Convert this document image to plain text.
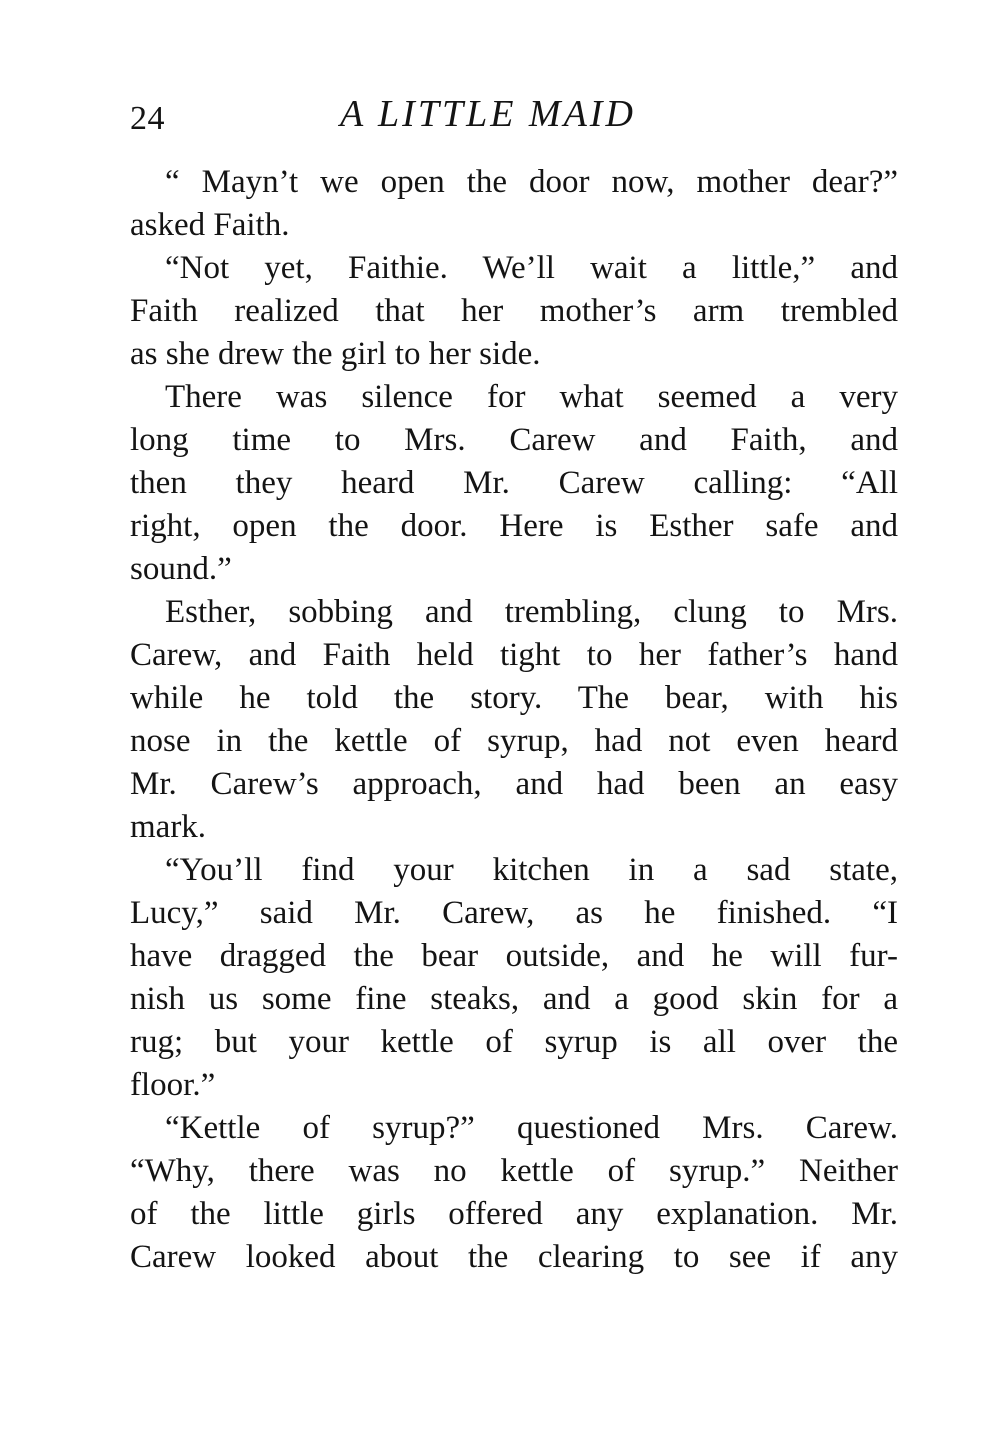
24	A LITTLE MAID
“ Mayn’t we open the door now, mother dear?”
asked Faith.
“Not yet, Faithie. We’ll wait a little,” and
Faith realized that her mother’s arm trembled
as she drew the girl to her side.
There was silence for what seemed a very
long time to Mrs. Carew and Faith, and
then they heard Mr. Carew calling: “All
right, open the door. Here is Esther safe and
sound.”
Esther, sobbing and trembling, clung to Mrs.
Carew, and Faith held tight to her father’s hand
while he told the story. The bear, with his
nose in the kettle of syrup, had not even heard
Mr. Carew’s approach, and had been an easy
mark.
“You’ll find your kitchen in a sad state,
Lucy,” said Mr. Carew, as he finished. “I
have dragged the bear outside, and he will fur-
nish us some fine steaks, and a good skin for a
rug; but your kettle of syrup is all over the
floor.”
“Kettle of syrup?” questioned Mrs. Carew.
“Why, there was no kettle of syrup.” Neither
of the little girls offered any explanation. Mr.
Carew looked about the clearing to see if any
